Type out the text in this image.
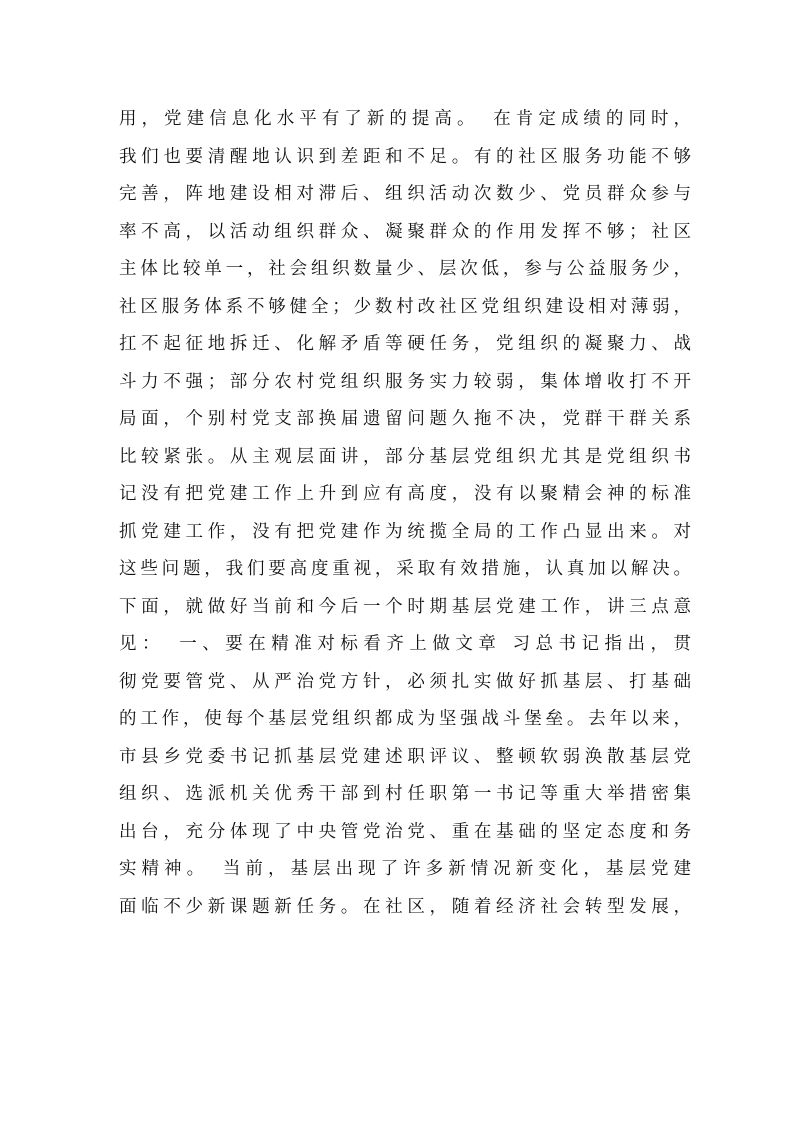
用，党建信息化水平有了新的提高。　在肯定成绩的同时，
我们也要清醒地认识到差距和不足。有的社区服务功能不够
完善，阵地建设相对滞后、组织活动次数少、党员群众参与
率不高，以活动组织群众、凝聚群众的作用发挥不够；社区
主体比较单一，社会组织数量少、层次低，参与公益服务少，
社区服务体系不够健全；少数村改社区党组织建设相对薄弱，
扛不起征地拆迁、化解矛盾等硬任务，党组织的凝聚力、战
斗力不强；部分农村党组织服务实力较弱，集体增收打不开
局面，个别村党支部换届遗留问题久拖不决，党群干群关系
比较紧张。从主观层面讲，部分基层党组织尤其是党组织书
记没有把党建工作上升到应有高度，没有以聚精会神的标准
抓党建工作，没有把党建作为统揽全局的工作凸显出来。对
这些问题，我们要高度重视，采取有效措施，认真加以解决。
下面，就做好当前和今后一个时期基层党建工作，讲三点意
见：　一、要在精准对标看齐上做文章 习总书记指出，贯
彻党要管党、从严治党方针，必须扎实做好抓基层、打基础
的工作，使每个基层党组织都成为坚强战斗堡垒。去年以来，
市县乡党委书记抓基层党建述职评议、整顿软弱涣散基层党
组织、选派机关优秀干部到村任职第一书记等重大举措密集
出台，充分体现了中央管党治党、重在基础的坚定态度和务
实精神。　当前，基层出现了许多新情况新变化，基层党建
面临不少新课题新任务。在社区，随着经济社会转型发展，
